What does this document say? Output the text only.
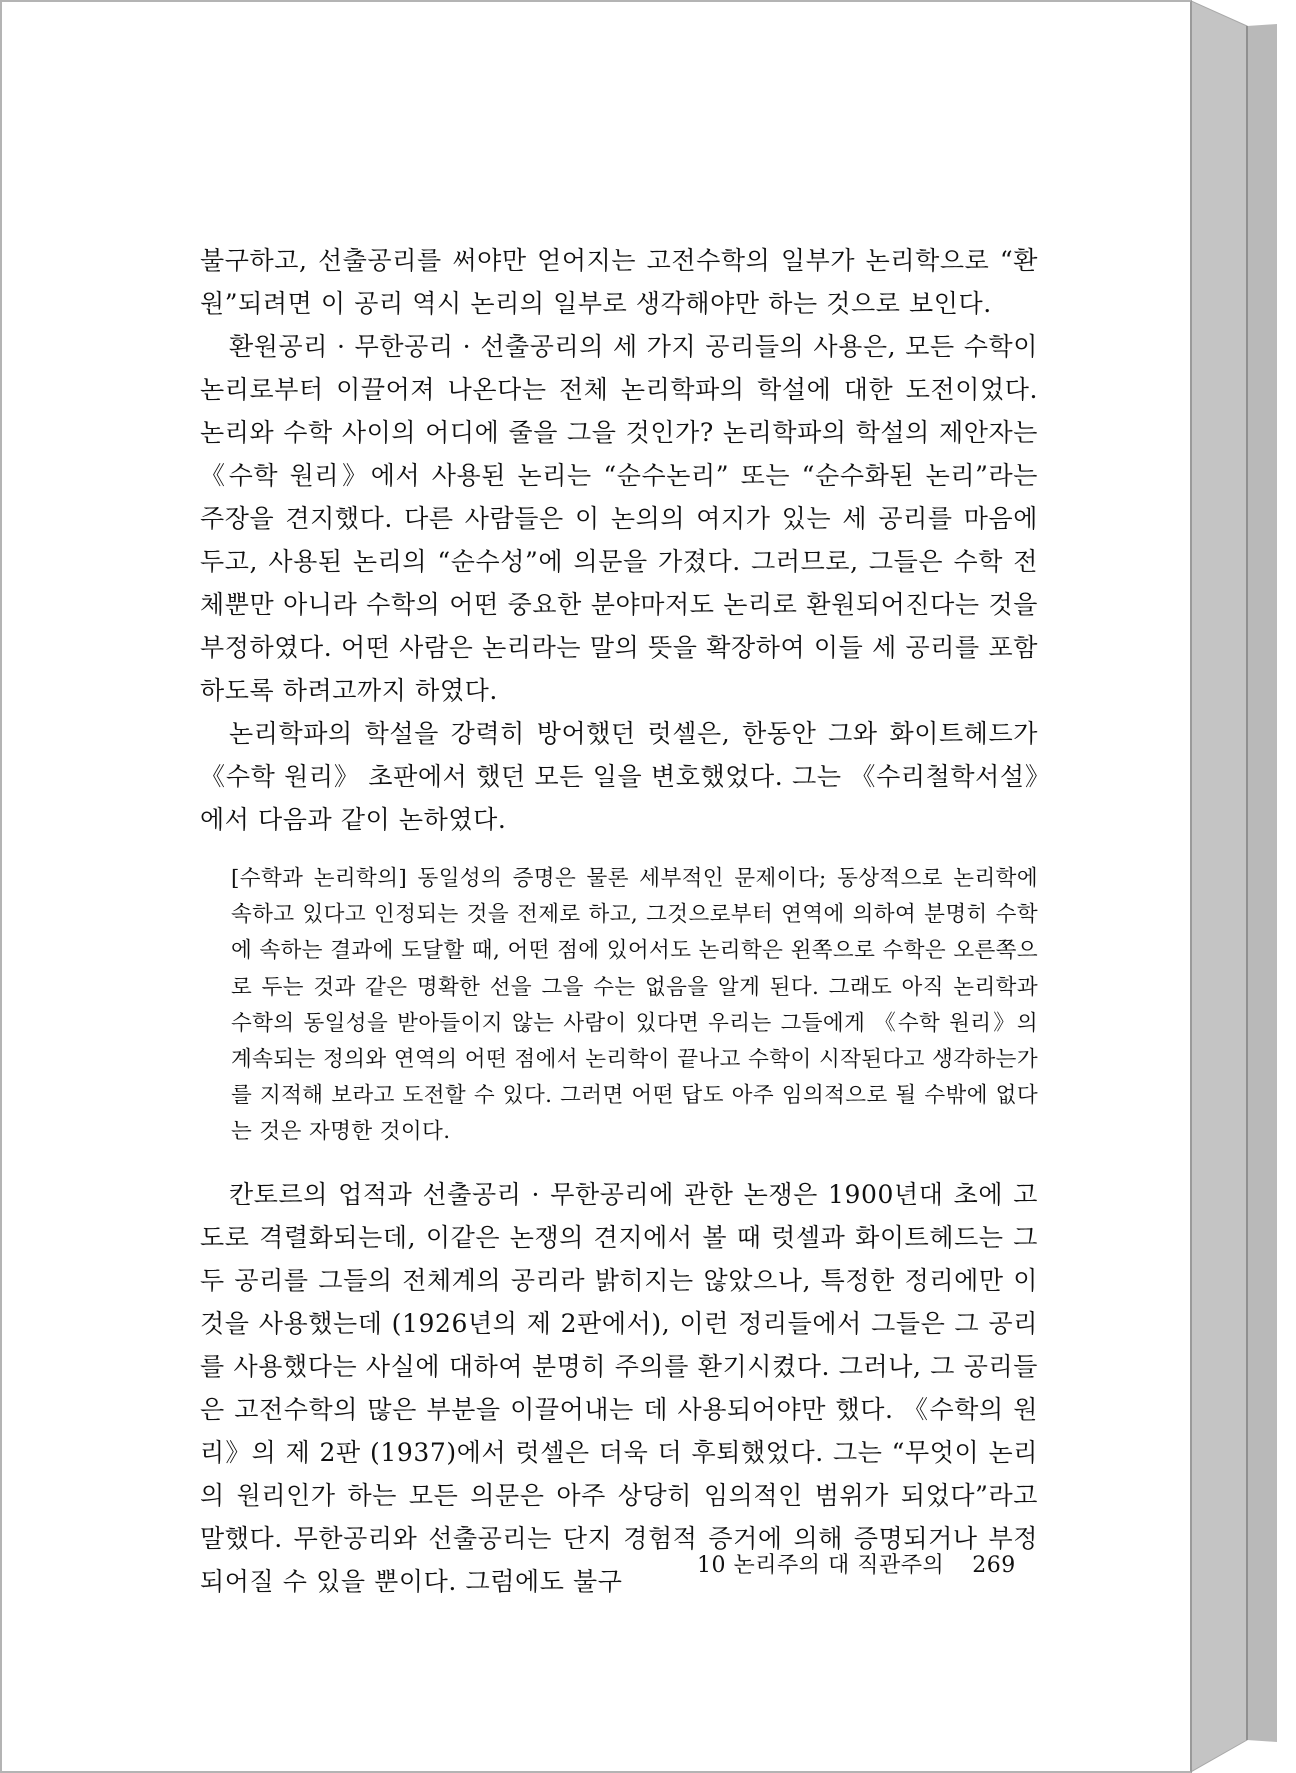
불구하고, 선출공리를 써야만 얻어지는 고전수학의 일부가 논리학으로 “환원”되려면 이 공리 역시 논리의 일부로 생각해야만 하는 것으로 보인다.

환원공리 · 무한공리 · 선출공리의 세 가지 공리들의 사용은, 모든 수학이 논리로부터 이끌어져 나온다는 전체 논리학파의 학설에 대한 도전이었다. 논리와 수학 사이의 어디에 줄을 그을 것인가? 논리학파의 학설의 제안자는 《수학 원리》에서 사용된 논리는 “순수논리” 또는 “순수화된 논리”라는 주장을 견지했다. 다른 사람들은 이 논의의 여지가 있는 세 공리를 마음에 두고, 사용된 논리의 “순수성”에 의문을 가졌다. 그러므로, 그들은 수학 전체뿐만 아니라 수학의 어떤 중요한 분야마저도 논리로 환원되어진다는 것을 부정하였다. 어떤 사람은 논리라는 말의 뜻을 확장하여 이들 세 공리를 포함하도록 하려고까지 하였다.

논리학파의 학설을 강력히 방어했던 럿셀은, 한동안 그와 화이트헤드가 《수학 원리》 초판에서 했던 모든 일을 변호했었다. 그는 《수리철학서설》에서 다음과 같이 논하였다.

[수학과 논리학의] 동일성의 증명은 물론 세부적인 문제이다; 동상적으로 논리학에 속하고 있다고 인정되는 것을 전제로 하고, 그것으로부터 연역에 의하여 분명히 수학에 속하는 결과에 도달할 때, 어떤 점에 있어서도 논리학은 왼쪽으로 수학은 오른쪽으로 두는 것과 같은 명확한 선을 그을 수는 없음을 알게 된다. 그래도 아직 논리학과 수학의 동일성을 받아들이지 않는 사람이 있다면 우리는 그들에게 《수학 원리》의 계속되는 정의와 연역의 어떤 점에서 논리학이 끝나고 수학이 시작된다고 생각하는가를 지적해 보라고 도전할 수 있다. 그러면 어떤 답도 아주 임의적으로 될 수밖에 없다는 것은 자명한 것이다.

칸토르의 업적과 선출공리 · 무한공리에 관한 논쟁은 1900년대 초에 고도로 격렬화되는데, 이같은 논쟁의 견지에서 볼 때 럿셀과 화이트헤드는 그 두 공리를 그들의 전체계의 공리라 밝히지는 않았으나, 특정한 정리에만 이것을 사용했는데 (1926년의 제 2판에서), 이런 정리들에서 그들은 그 공리를 사용했다는 사실에 대하여 분명히 주의를 환기시켰다. 그러나, 그 공리들은 고전수학의 많은 부분을 이끌어내는 데 사용되어야만 했다. 《수학의 원리》의 제 2판 (1937)에서 럿셀은 더욱 더 후퇴했었다. 그는 “무엇이 논리의 원리인가 하는 모든 의문은 아주 상당히 임의적인 범위가 되었다”라고 말했다. 무한공리와 선출공리는 단지 경험적 증거에 의해 증명되거나 부정되어질 수 있을 뿐이다. 그럼에도 불구

10 논리주의 대 직관주의 269
